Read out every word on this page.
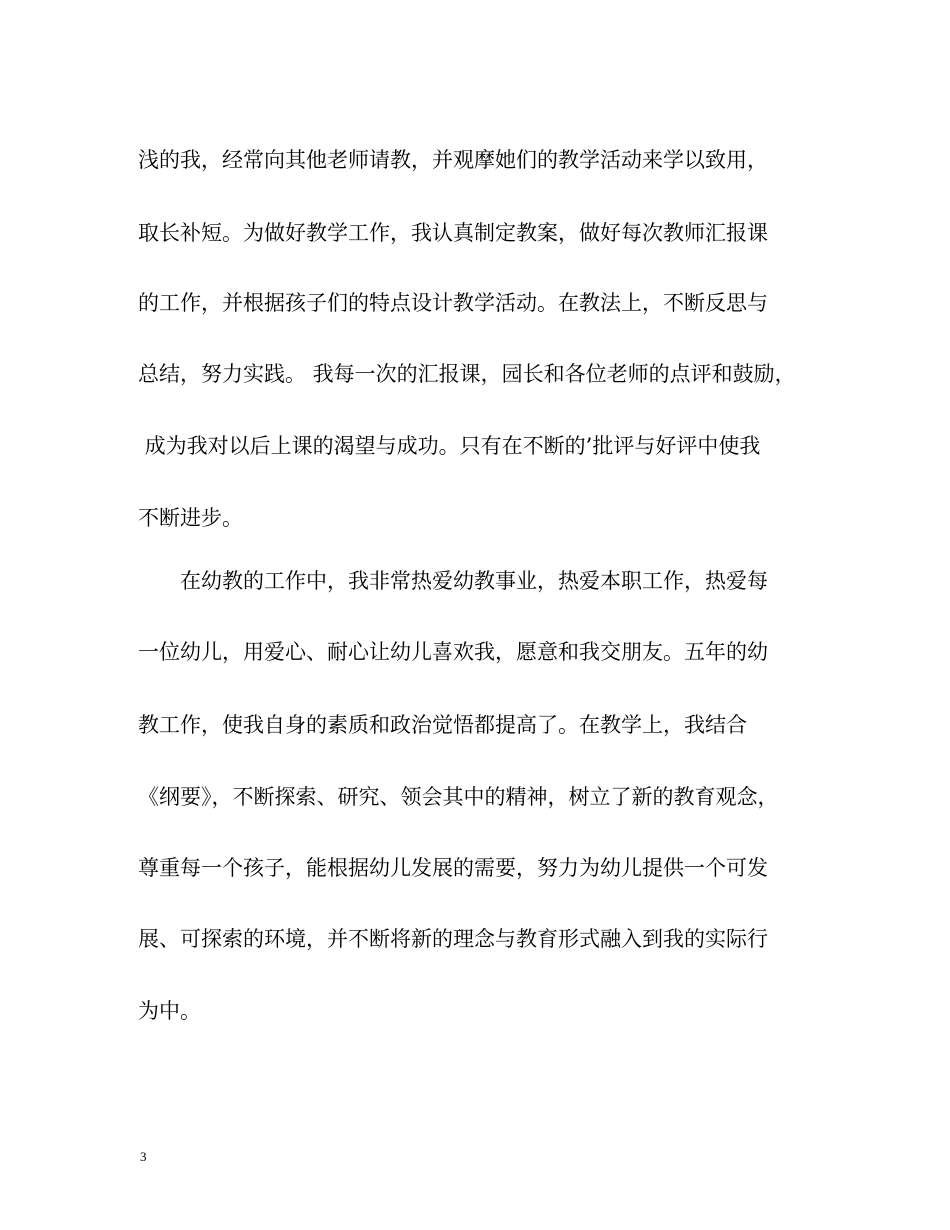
浅的我，经常向其他老师请教，并观摩她们的教学活动来学以致用，
取长补短。为做好教学工作，我认真制定教案，做好每次教师汇报课
的工作，并根据孩子们的特点设计教学活动。在教法上，不断反思与
总结，努力实践。 我每一次的汇报课，园长和各位老师的点评和鼓励，
成为我对以后上课的渴望与成功。只有在不断的’批评与好评中使我
不断进步。
　　在幼教的工作中，我非常热爱幼教事业，热爱本职工作，热爱每
一位幼儿，用爱心、耐心让幼儿喜欢我，愿意和我交朋友。五年的幼
教工作，使我自身的素质和政治觉悟都提高了。在教学上，我结合
《纲要》，不断探索、研究、领会其中的精神，树立了新的教育观念，
尊重每一个孩子，能根据幼儿发展的需要，努力为幼儿提供一个可发
展、可探索的环境，并不断将新的理念与教育形式融入到我的实际行
为中。
3
